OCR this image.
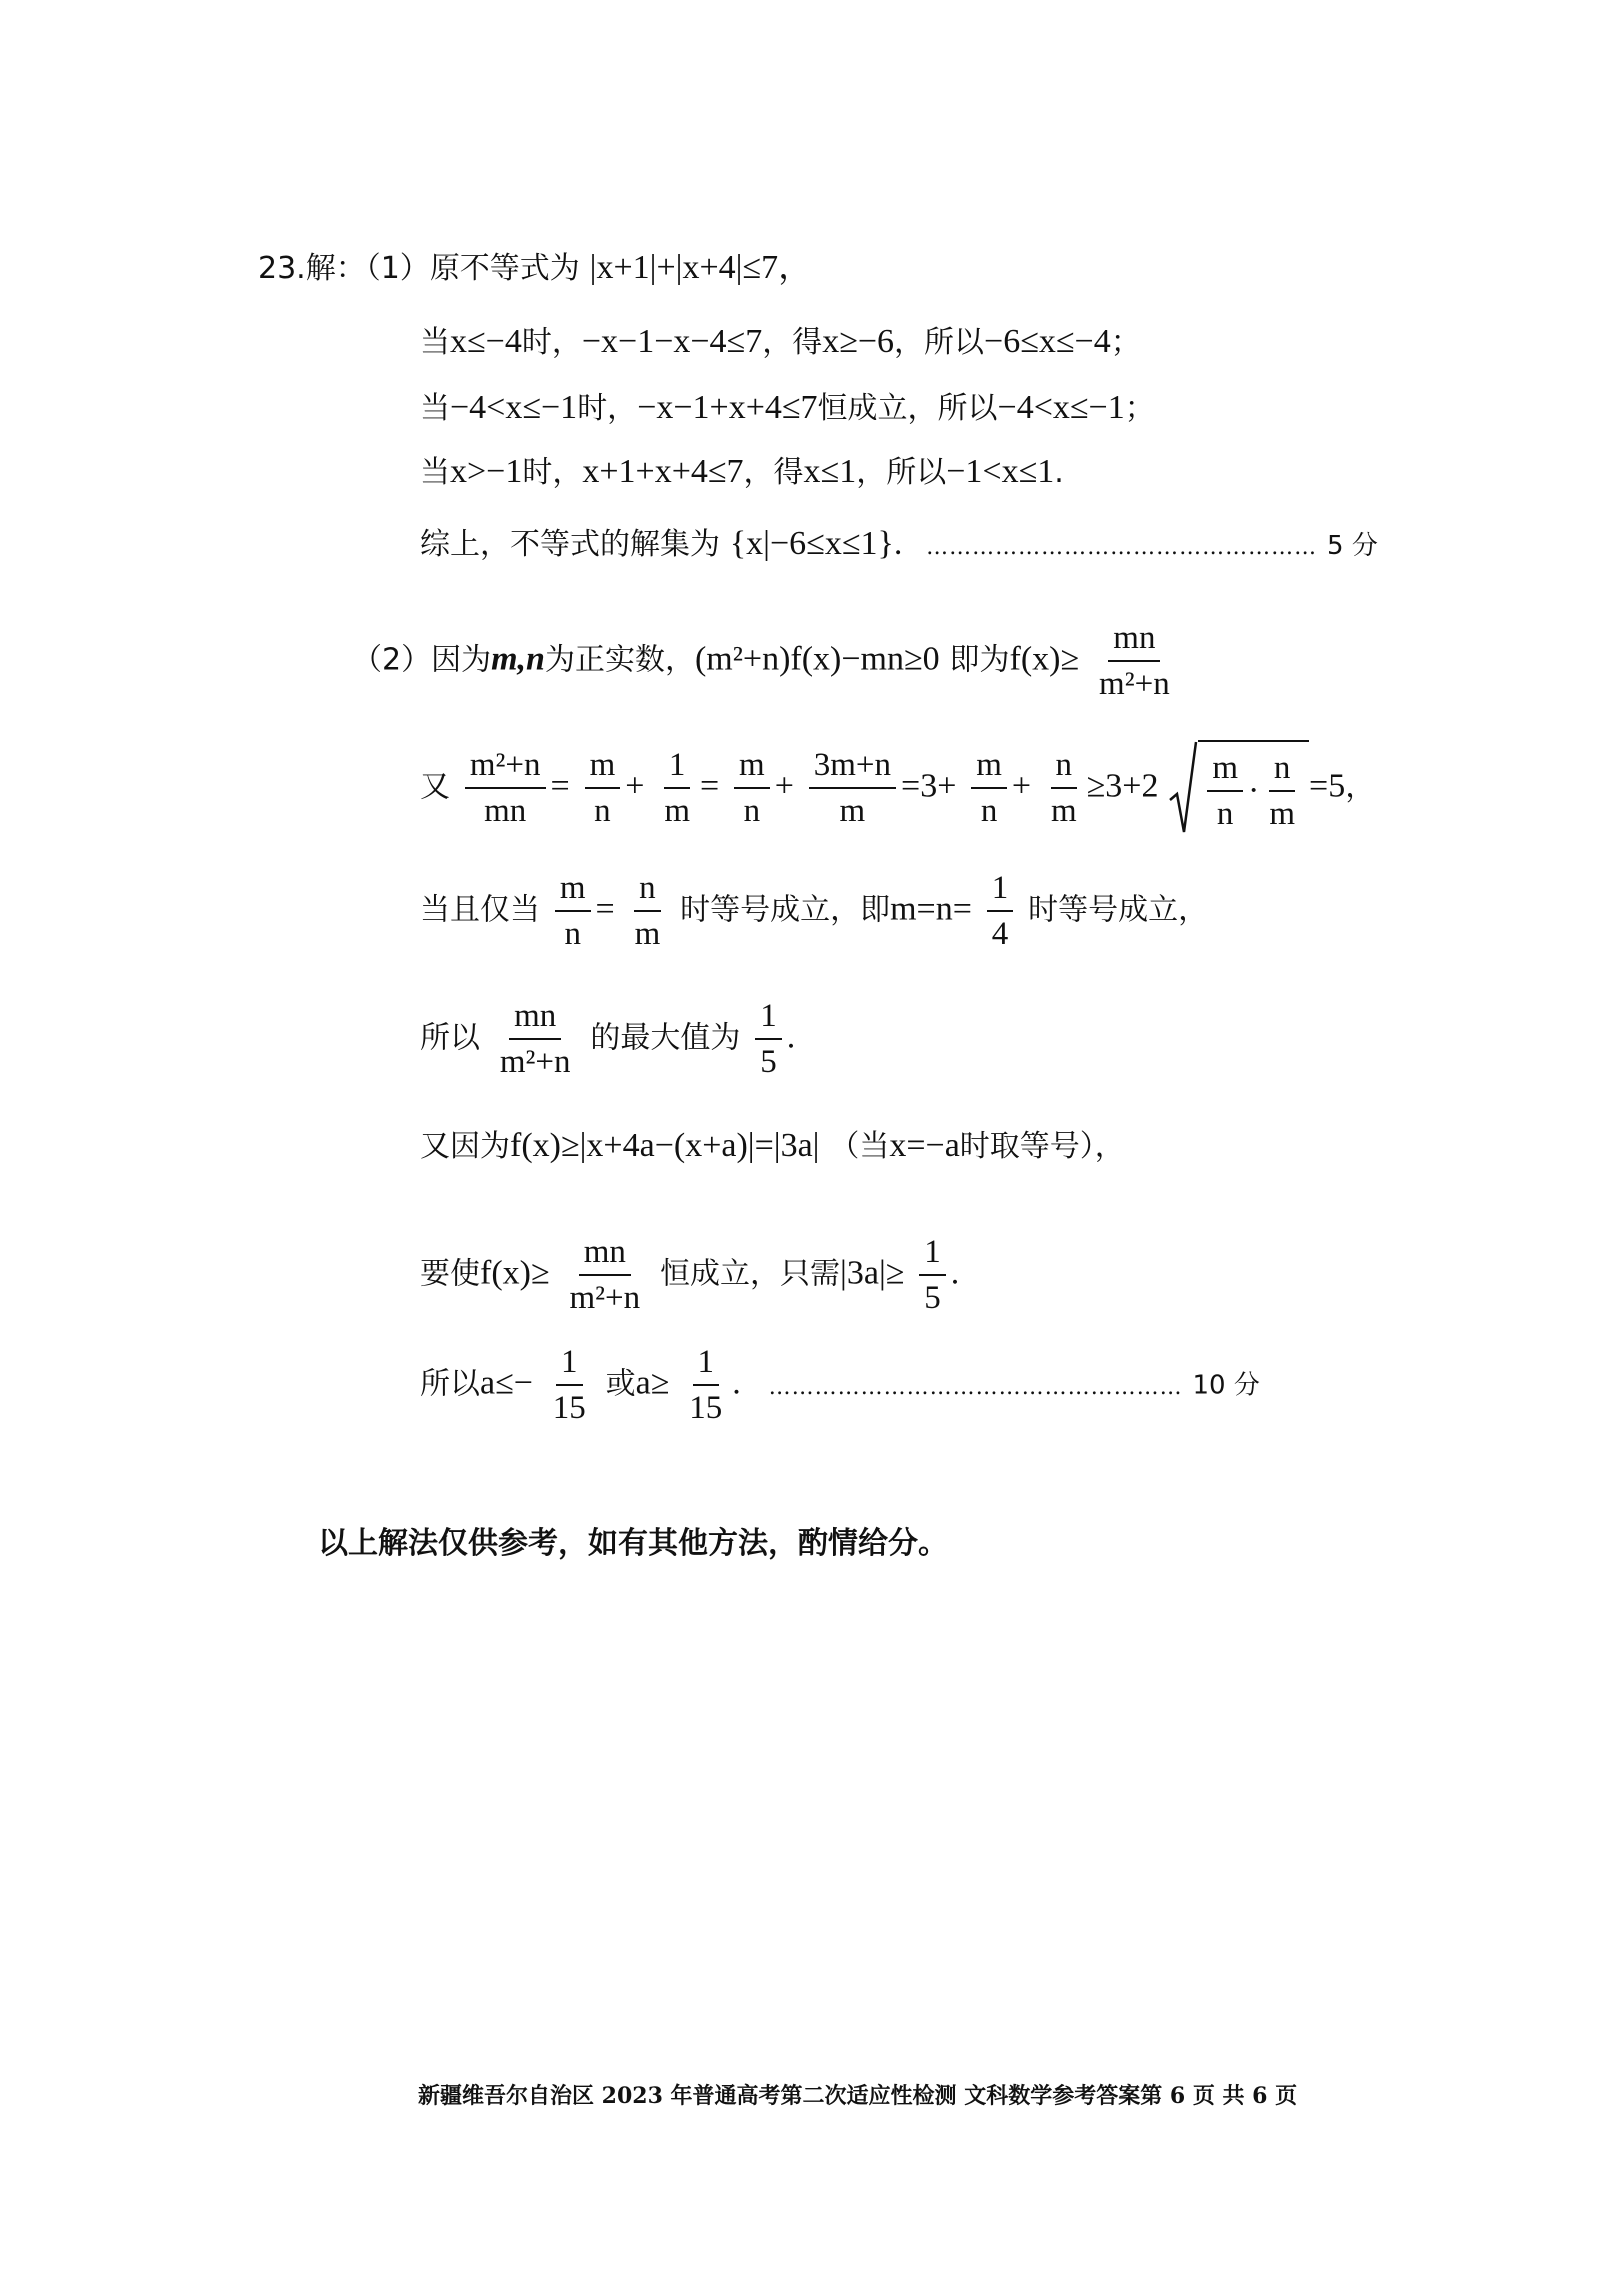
23.解：（1）原不等式为 |x+1|+|x+4|≤7，
当x≤−4时，−x−1−x−4≤7，得x≥−6，所以−6≤x≤−4；
当−4<x≤−1时，−x−1+x+4≤7恒成立，所以−4<x≤−1；
当x>−1时，x+1+x+4≤7，得x≤1，所以−1<x≤1.
综上，不等式的解集为 {x|−6≤x≤1}. …………………………………………… 5 分
（2）因为m,n为正实数，(m²+n)f(x)−mn≥0 即为$f(x)\ge \frac{mn}{\text{m²+n}}$
又 $\frac{\text{m²+n}}{mn} = \frac{m}{n} + \frac{1}{m} = \frac{m}{n} + \frac{3m+n}{m} =3+ \frac{m}{n} + \frac{n}{m} \ge 3+2 \frac{m}{n} \cdot \frac{n}{m} =5$，
当且仅当 $\frac{m}{n} = \frac{n}{m}$ 时等号成立，即$m=n= \frac{1}{4}$ 时等号成立，
所以 $\frac{mn}{\text{m²+n}}$ 的最大值为 $\frac{1}{5}$ .
又因为f(x)≥|x+4a−(x+a)|=|3a| （当x=−a时取等号），
要使$f(x)\ge \frac{mn}{\text{m²+n}}$ 恒成立，只需$|3a|\ge \frac{1}{5}$ .
所以$a\le- \frac{1}{15}$ 或$a\ge \frac{1}{15}$ . ……………………………………………… 10 分
以上解法仅供参考，如有其他方法，酌情给分。
新疆维吾尔自治区 2023 年普通高考第二次适应性检测 文科数学参考答案第 6 页 共 6 页
